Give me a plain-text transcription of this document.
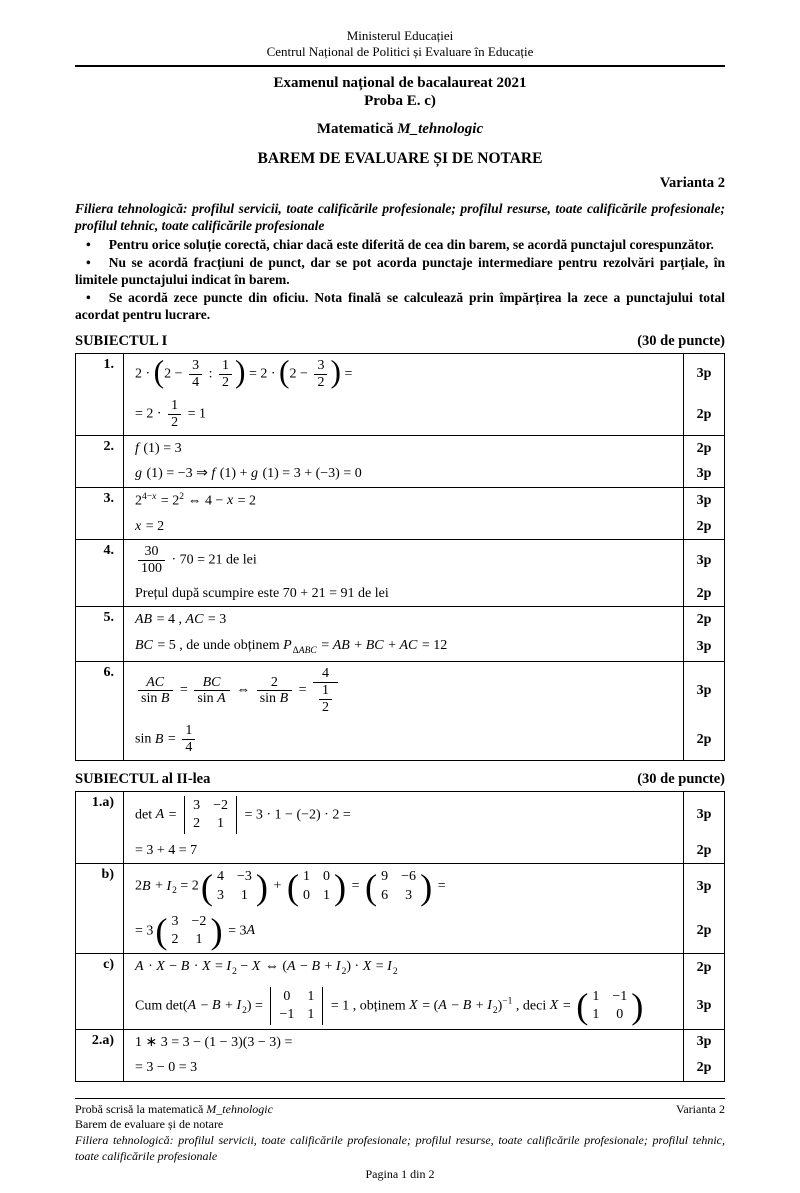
Ministerul Educației
Centrul Național de Politici și Evaluare în Educație
Examenul național de bacalaureat 2021
Proba E. c)
Matematică M_tehnologic
BAREM DE EVALUARE ȘI DE NOTARE
Varianta 2

Filiera tehnologică: profilul servicii, toate calificările profesionale; profilul resurse, toate calificările profesionale; profilul tehnic, toate calificările profesionale

• Pentru orice soluție corectă, chiar dacă este diferită de cea din barem, se acordă punctajul corespunzător.

• Nu se acordă fracțiuni de punct, dar se pot acorda punctaje intermediare pentru rezolvări parțiale, în limitele punctajului indicat în barem.

• Se acordă zece puncte din oficiu. Nota finală se calculează prin împărțirea la zece a punctajului total acordat pentru lucrare.

SUBIECTUL I	(30 de puncte)
1.
$2 \cdot (2 - \frac{3}{4}$ : $\frac{1}{2}$ ) = $2 \cdot (2 - \frac{3}{2}$ ) =	3p
= $2 \cdot \frac{1}{2} = 1$	2p
2.	f (1) = 3	2p
g (1) = −3 ⇒ f (1) + g (1) = 3 + (−3) = 0	3p
3.	$2^{4-x} = 2^2$ ⇔ 4 − x = 2	3p
x = 2	2p
4.	$\frac{30}{100} \cdot 70 = 21$ de lei	3p
Prețul după scumpire este 70 + 21 = 91 de lei	2p
5.	AB = 4 , AC = 3	2p
BC = 5 , de unde obținem $P_{\Delta ABC}$ = AB + BC + AC = 12	3p
6.
$\frac{AC}{\text{sin B}} = \frac{BC}{\text{sin A}}$ ⇔ $\frac{2}{\text{sin B}} = \frac{4}{\frac{1}{2}}$	3p
$\sin B = \frac{1}{4}$	2p
SUBIECTUL al II-lea	(30 de puncte)
1.a)
det A =
3 −2
2 1
= 3 · 1 − (−2) · 2 =	3p
= 3 + 4 = 7	2p
b)
$2B + I_2 = 2$ ( 4 −3
3 1 ) + ( 1 0
0 1 ) = ( 9 −6
6 3 ) =	3p
= 3 ( 3 −2
2 1 ) = 3A	2p
c)	$A \cdot X - B \cdot X = I_2 - X$ ⇔ $(A - B + I_2) \cdot X = I_2$	2p
Cum $\det(A - B + I_2)$ =
0 1
−1 1
= 1 , obținem $X = (A - B + I_2)^{-1}$ , deci X = ( 1 −1
1 0 )	3p
2.a)	1 ∗ 3 = 3 − (1 − 3)(3 − 3) =	3p
= 3 − 0 = 3	2p
Probă scrisă la matematică M_tehnologic	Varianta 2
Barem de evaluare și de notare
Filiera tehnologică: profilul servicii, toate calificările profesionale; profilul resurse, toate calificările profesionale; profilul tehnic, toate calificările profesionale
Pagina 1 din 2
